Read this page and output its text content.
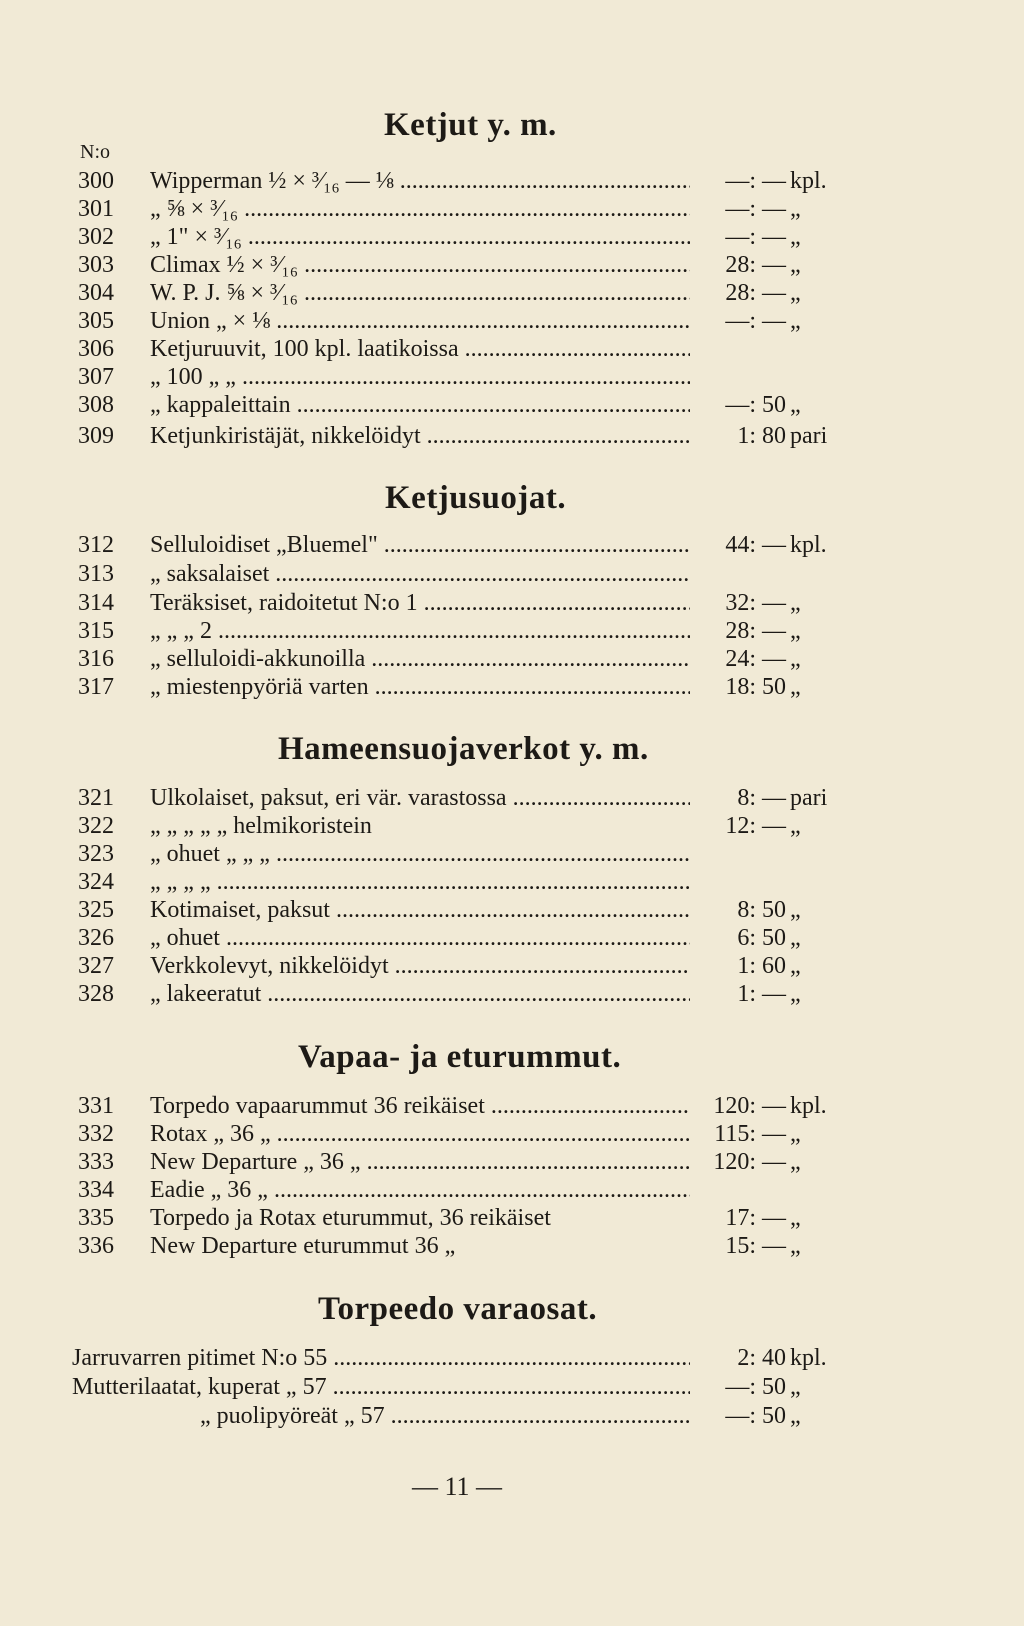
N:o
Ketjut y. m.
300 Wipperman ½ × ³⁄₁₆ — ⅛ .....	—: — kpl.
301 „ ⅝ × ³⁄₁₆ .....	—: — „
302 „ 1" × ³⁄₁₆ .....	—: — „
303 Climax ½ × ³⁄₁₆ .....	28: — „
304 W. P. J. ⅝ × ³⁄₁₆ .....	28: — „
305 Union „ × ⅛ .....	—: — „
306 Ketjuruuvit, 100 kpl. laatikoissa .....
307 „ 100 „ „ .....
308 „ kappaleittain .....	—: 50 „
309 Ketjunkiristäjät, nikkelöidyt .....	1: 80 pari
Ketjusuojat.
312 Selluloidiset „Bluemel" .....	44: — kpl.
313 „ saksalaiset .....
314 Teräksiset, raidoitetut N:o 1 .....	32: — „
315 „ „ „ 2 .....	28: — „
316 „ selluloidi-akkunoilla .....	24: — „
317 „ miestenpyöriä varten .....	18: 50 „
Hameensuojaverkot y. m.
321 Ulkolaiset, paksut, eri vär. varastossa .....	8: — pari
322 „ „ „ „ „ helmikoristein	12: — „
323 „ ohuet „ „ „ .....
324 „ „ „ „ .....
325 Kotimaiset, paksut .....	8: 50 „
326 „ ohuet .....	6: 50 „
327 Verkkolevyt, nikkelöidyt .....	1: 60 „
328 „ lakeeratut .....	1: — „
Vapaa- ja eturummut.
331 Torpedo vapaarummut 36 reikäiset .....	120: — kpl.
332 Rotax „ 36 „ .....	115: — „
333 New Departure „ 36 „ .....	120: — „
334 Eadie „ 36 „ .....
335 Torpedo ja Rotax eturummut, 36 reikäiset	17: — „
336 New Departure eturummut 36 „	15: — „
Torpeedo varaosat.
Jarruvarren pitimet N:o 55 .....	2: 40 kpl.
Mutterilaatat, kuperat „ 57 .....	—: 50 „
„ puolipyöreät „ 57 .....	—: 50 „
— 11 —
